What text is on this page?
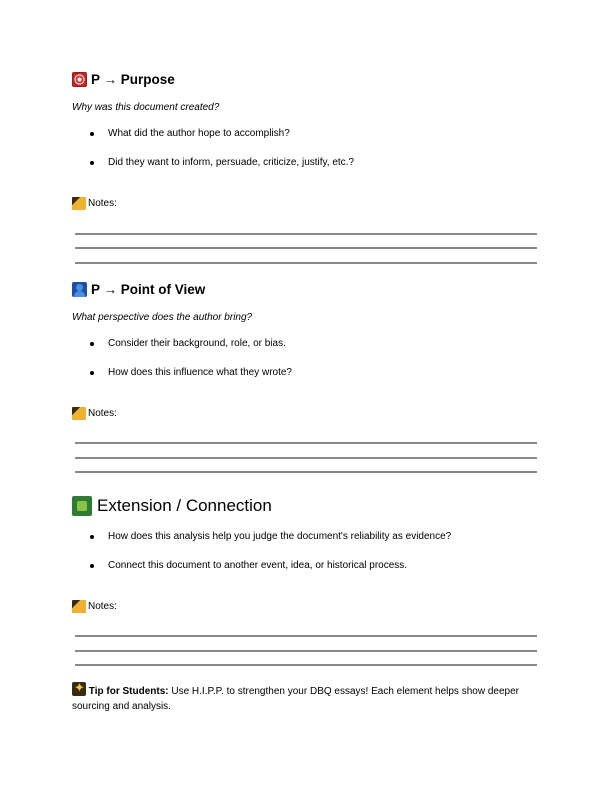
P → Purpose
Why was this document created?
What did the author hope to accomplish?
Did they want to inform, persuade, criticize, justify, etc.?
Notes:
P → Point of View
What perspective does the author bring?
Consider their background, role, or bias.
How does this influence what they wrote?
Notes:
Extension / Connection
How does this analysis help you judge the document's reliability as evidence?
Connect this document to another event, idea, or historical process.
Notes:
✦ Tip for Students: Use H.I.P.P. to strengthen your DBQ essays! Each element helps show deeper sourcing and analysis.
